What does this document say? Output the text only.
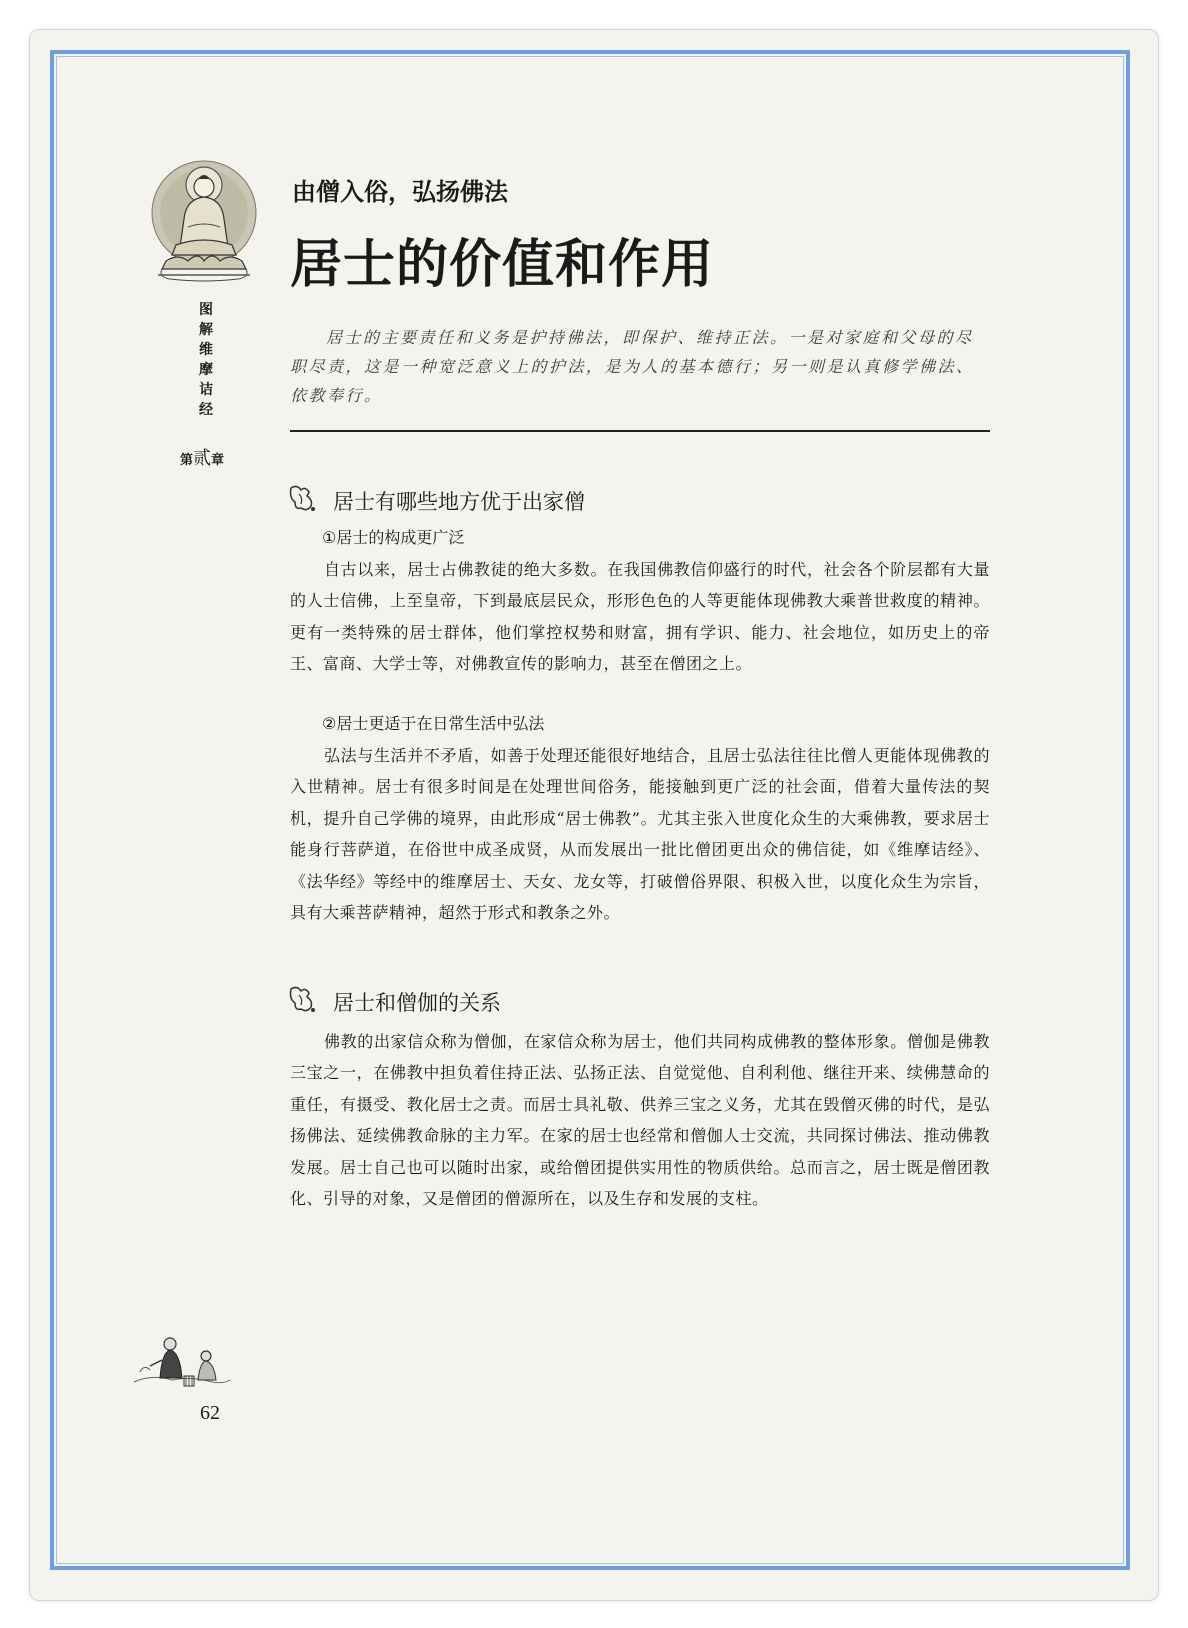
图
解
维
摩
诘
经
第贰章
由僧入俗，弘扬佛法
居士的价值和作用
居士的主要责任和义务是护持佛法，即保护、维持正法。一是对家庭和父母的尽职尽责，这是一种宽泛意义上的护法，是为人的基本德行；另一则是认真修学佛法、依教奉行。
居士有哪些地方优于出家僧
①居士的构成更广泛
自古以来，居士占佛教徒的绝大多数。在我国佛教信仰盛行的时代，社会各个阶层都有大量的人士信佛，上至皇帝，下到最底层民众，形形色色的人等更能体现佛教大乘普世救度的精神。更有一类特殊的居士群体，他们掌控权势和财富，拥有学识、能力、社会地位，如历史上的帝王、富商、大学士等，对佛教宣传的影响力，甚至在僧团之上。
②居士更适于在日常生活中弘法
弘法与生活并不矛盾，如善于处理还能很好地结合，且居士弘法往往比僧人更能体现佛教的入世精神。居士有很多时间是在处理世间俗务，能接触到更广泛的社会面，借着大量传法的契机，提升自己学佛的境界，由此形成“居士佛教”。尤其主张入世度化众生的大乘佛教，要求居士能身行菩萨道，在俗世中成圣成贤，从而发展出一批比僧团更出众的佛信徒，如《维摩诘经》、《法华经》等经中的维摩居士、天女、龙女等，打破僧俗界限、积极入世，以度化众生为宗旨，具有大乘菩萨精神，超然于形式和教条之外。
居士和僧伽的关系
佛教的出家信众称为僧伽，在家信众称为居士，他们共同构成佛教的整体形象。僧伽是佛教三宝之一，在佛教中担负着住持正法、弘扬正法、自觉觉他、自利利他、继往开来、续佛慧命的重任，有摄受、教化居士之责。而居士具礼敬、供养三宝之义务，尤其在毁僧灭佛的时代，是弘扬佛法、延续佛教命脉的主力军。在家的居士也经常和僧伽人士交流，共同探讨佛法、推动佛教发展。居士自己也可以随时出家，或给僧团提供实用性的物质供给。总而言之，居士既是僧团教化、引导的对象，又是僧团的僧源所在，以及生存和发展的支柱。
62
